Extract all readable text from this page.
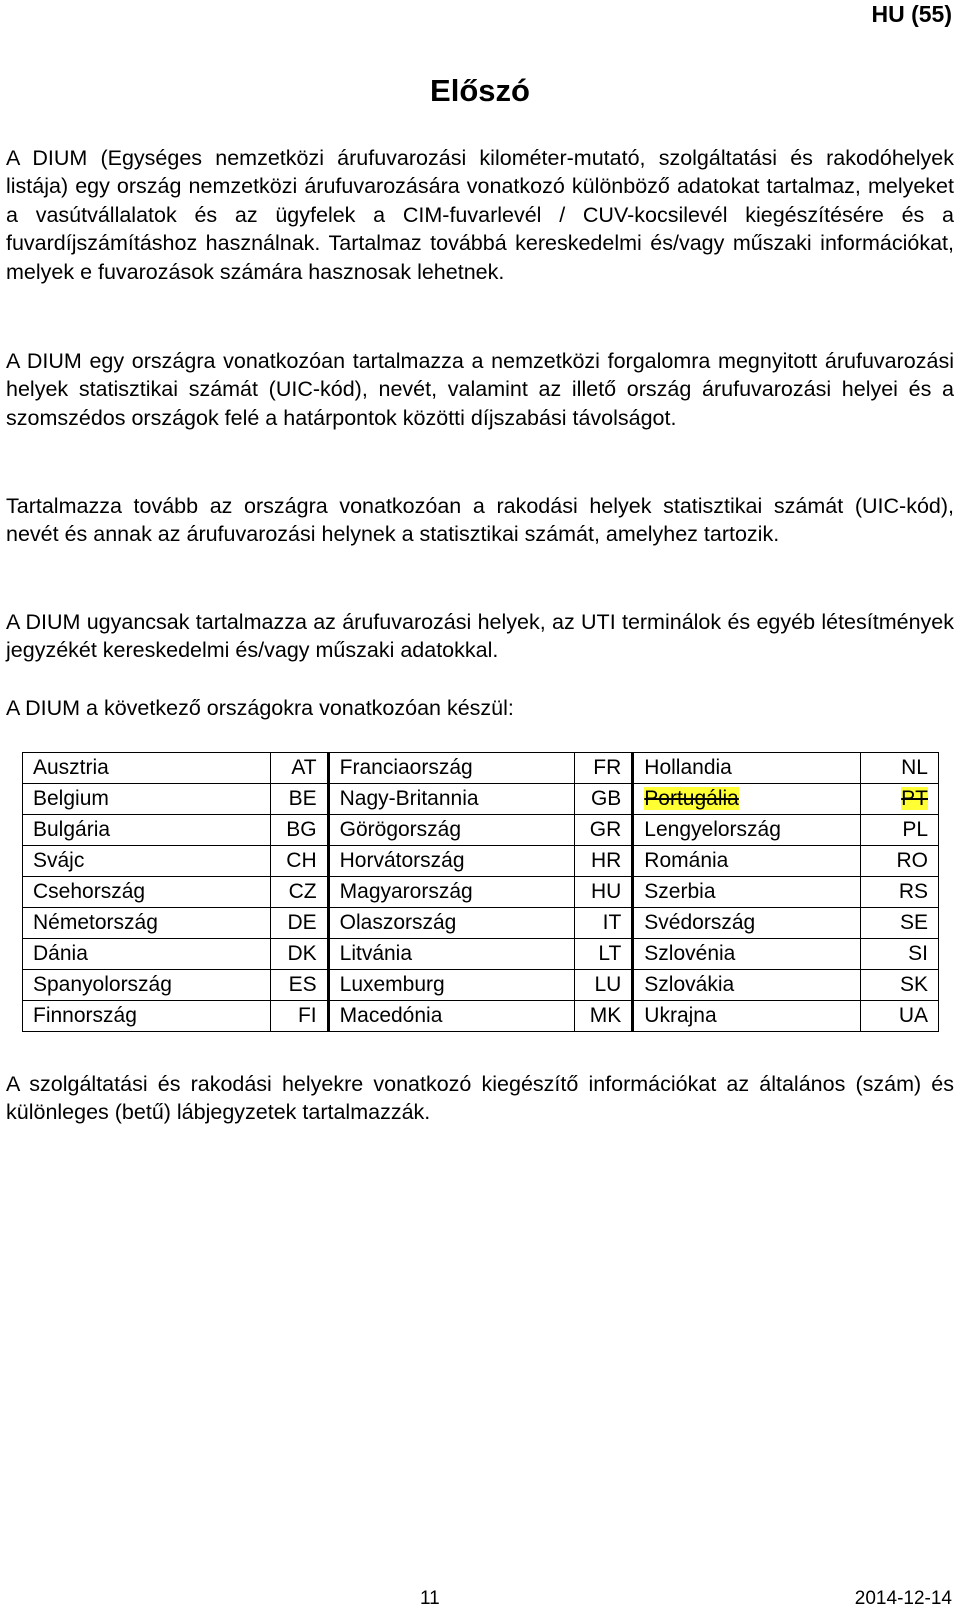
HU (55)
Előszó

A DIUM (Egységes nemzetközi árufuvarozási kilométer-mutató, szolgáltatási és rakodóhelyek listája) egy ország nemzetközi árufuvarozására vonatkozó különböző adatokat tartalmaz, melyeket a vasútvállalatok és az ügyfelek a CIM-fuvarlevél / CUV-kocsilevél kiegészítésére és a fuvardíjszámításhoz használnak. Tartalmaz továbbá kereskedelmi és/vagy műszaki információkat, melyek e fuvarozások számára hasznosak lehetnek.

A DIUM egy országra vonatkozóan tartalmazza a nemzetközi forgalomra megnyitott árufuvarozási helyek statisztikai számát (UIC-kód), nevét, valamint az illető ország árufuvarozási helyei és a szomszédos országok felé a határpontok közötti díjszabási távolságot.

Tartalmazza tovább az országra vonatkozóan a rakodási helyek statisztikai számát (UIC-kód), nevét és annak az árufuvarozási helynek a statisztikai számát, amelyhez tartozik.

A DIUM ugyancsak tartalmazza az árufuvarozási helyek, az UTI terminálok és egyéb létesítmények jegyzékét kereskedelmi és/vagy műszaki adatokkal.

A DIUM a következő országokra vonatkozóan készül:

Ausztria	AT	Franciaország	FR	Hollandia	NL
Belgium	BE	Nagy-Britannia	GB	Portugália	PT
Bulgária	BG	Görögország	GR	Lengyelország	PL
Svájc	CH	Horvátország	HR	Románia	RO
Csehország	CZ	Magyarország	HU	Szerbia	RS
Németország	DE	Olaszország	IT	Svédország	SE
Dánia	DK	Litvánia	LT	Szlovénia	SI
Spanyolország	ES	Luxemburg	LU	Szlovákia	SK
Finnország	FI	Macedónia	MK	Ukrajna	UA

A szolgáltatási és rakodási helyekre vonatkozó kiegészítő információkat az általános (szám) és különleges (betű) lábjegyzetek tartalmazzák.

11	2014-12-14
